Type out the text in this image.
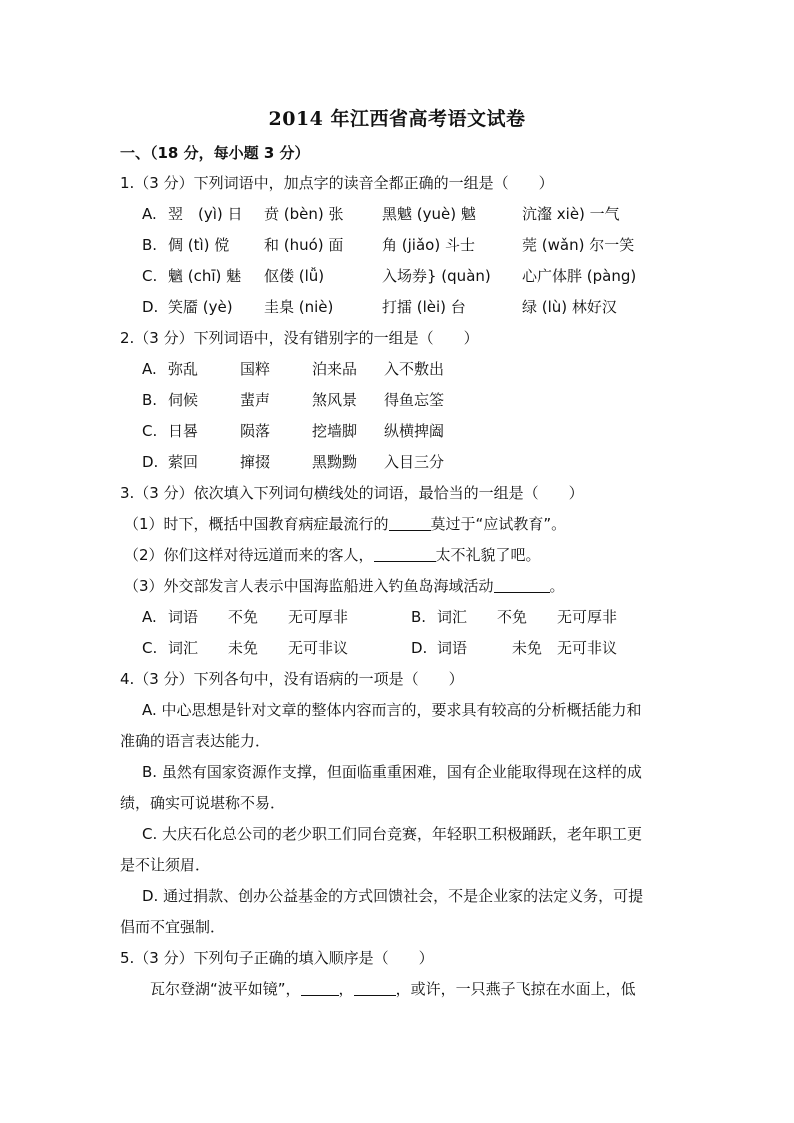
2014 年江西省高考语文试卷
一、（18 分，每小题 3 分）
1.（3 分）下列词语中，加点字的读音全都正确的一组是（　　）
A. 翌　(yì) 日	贲 (bèn) 张	黑魆 (yuè) 魆	沆瀣 xiè) 一气
B. 倜 (tì) 傥	和 (huó) 面	角 (jiǎo) 斗士	莞 (wǎn) 尔一笑
C. 魑 (chī) 魅	伛偻 (lǚ)	入场券} (quàn)	心广体胖 (pàng)
D. 笑靥 (yè)	圭臬 (niè)	打擂 (lèi) 台	绿 (lù) 林好汉
2.（3 分）下列词语中，没有错别字的一组是（　　）
A. 弥乱	国粹	泊来品	入不敷出
B. 伺候	蜚声	煞风景	得鱼忘筌
C. 日晷	陨落	挖墙脚	纵横捭阖
D. 萦回	撺掇	黑黝黝	入目三分
3.（3 分）依次填入下列词句横线处的词语，最恰当的一组是（　　）
（1）时下，概括中国教育病症最流行的	莫过于“应试教育”。
（2）你们这样对待远道而来的客人，	太不礼貌了吧。
（3）外交部发言人表示中国海监船进入钓鱼岛海域活动	。
A. 词语　　不免　　无可厚非	B. 词汇　　不免　　无可厚非
C. 词汇　　未免　　无可非议	D. 词语　　　未免　无可非议
4.（3 分）下列各句中，没有语病的一项是（　　）
A. 中心思想是针对文章的整体内容而言的，要求具有较高的分析概括能力和
准确的语言表达能力．
B. 虽然有国家资源作支撑，但面临重重困难，国有企业能取得现在这样的成
绩，确实可说堪称不易．
C. 大庆石化总公司的老少职工们同台竞赛，年轻职工积极踊跃，老年职工更
是不让须眉．
D. 通过捐款、创办公益基金的方式回馈社会，不是企业家的法定义务，可提
倡而不宜强制．
5.（3 分）下列句子正确的填入顺序是（　　）
瓦尔登湖“波平如镜”，	，	，或许，一只燕子飞掠在水面上，低
